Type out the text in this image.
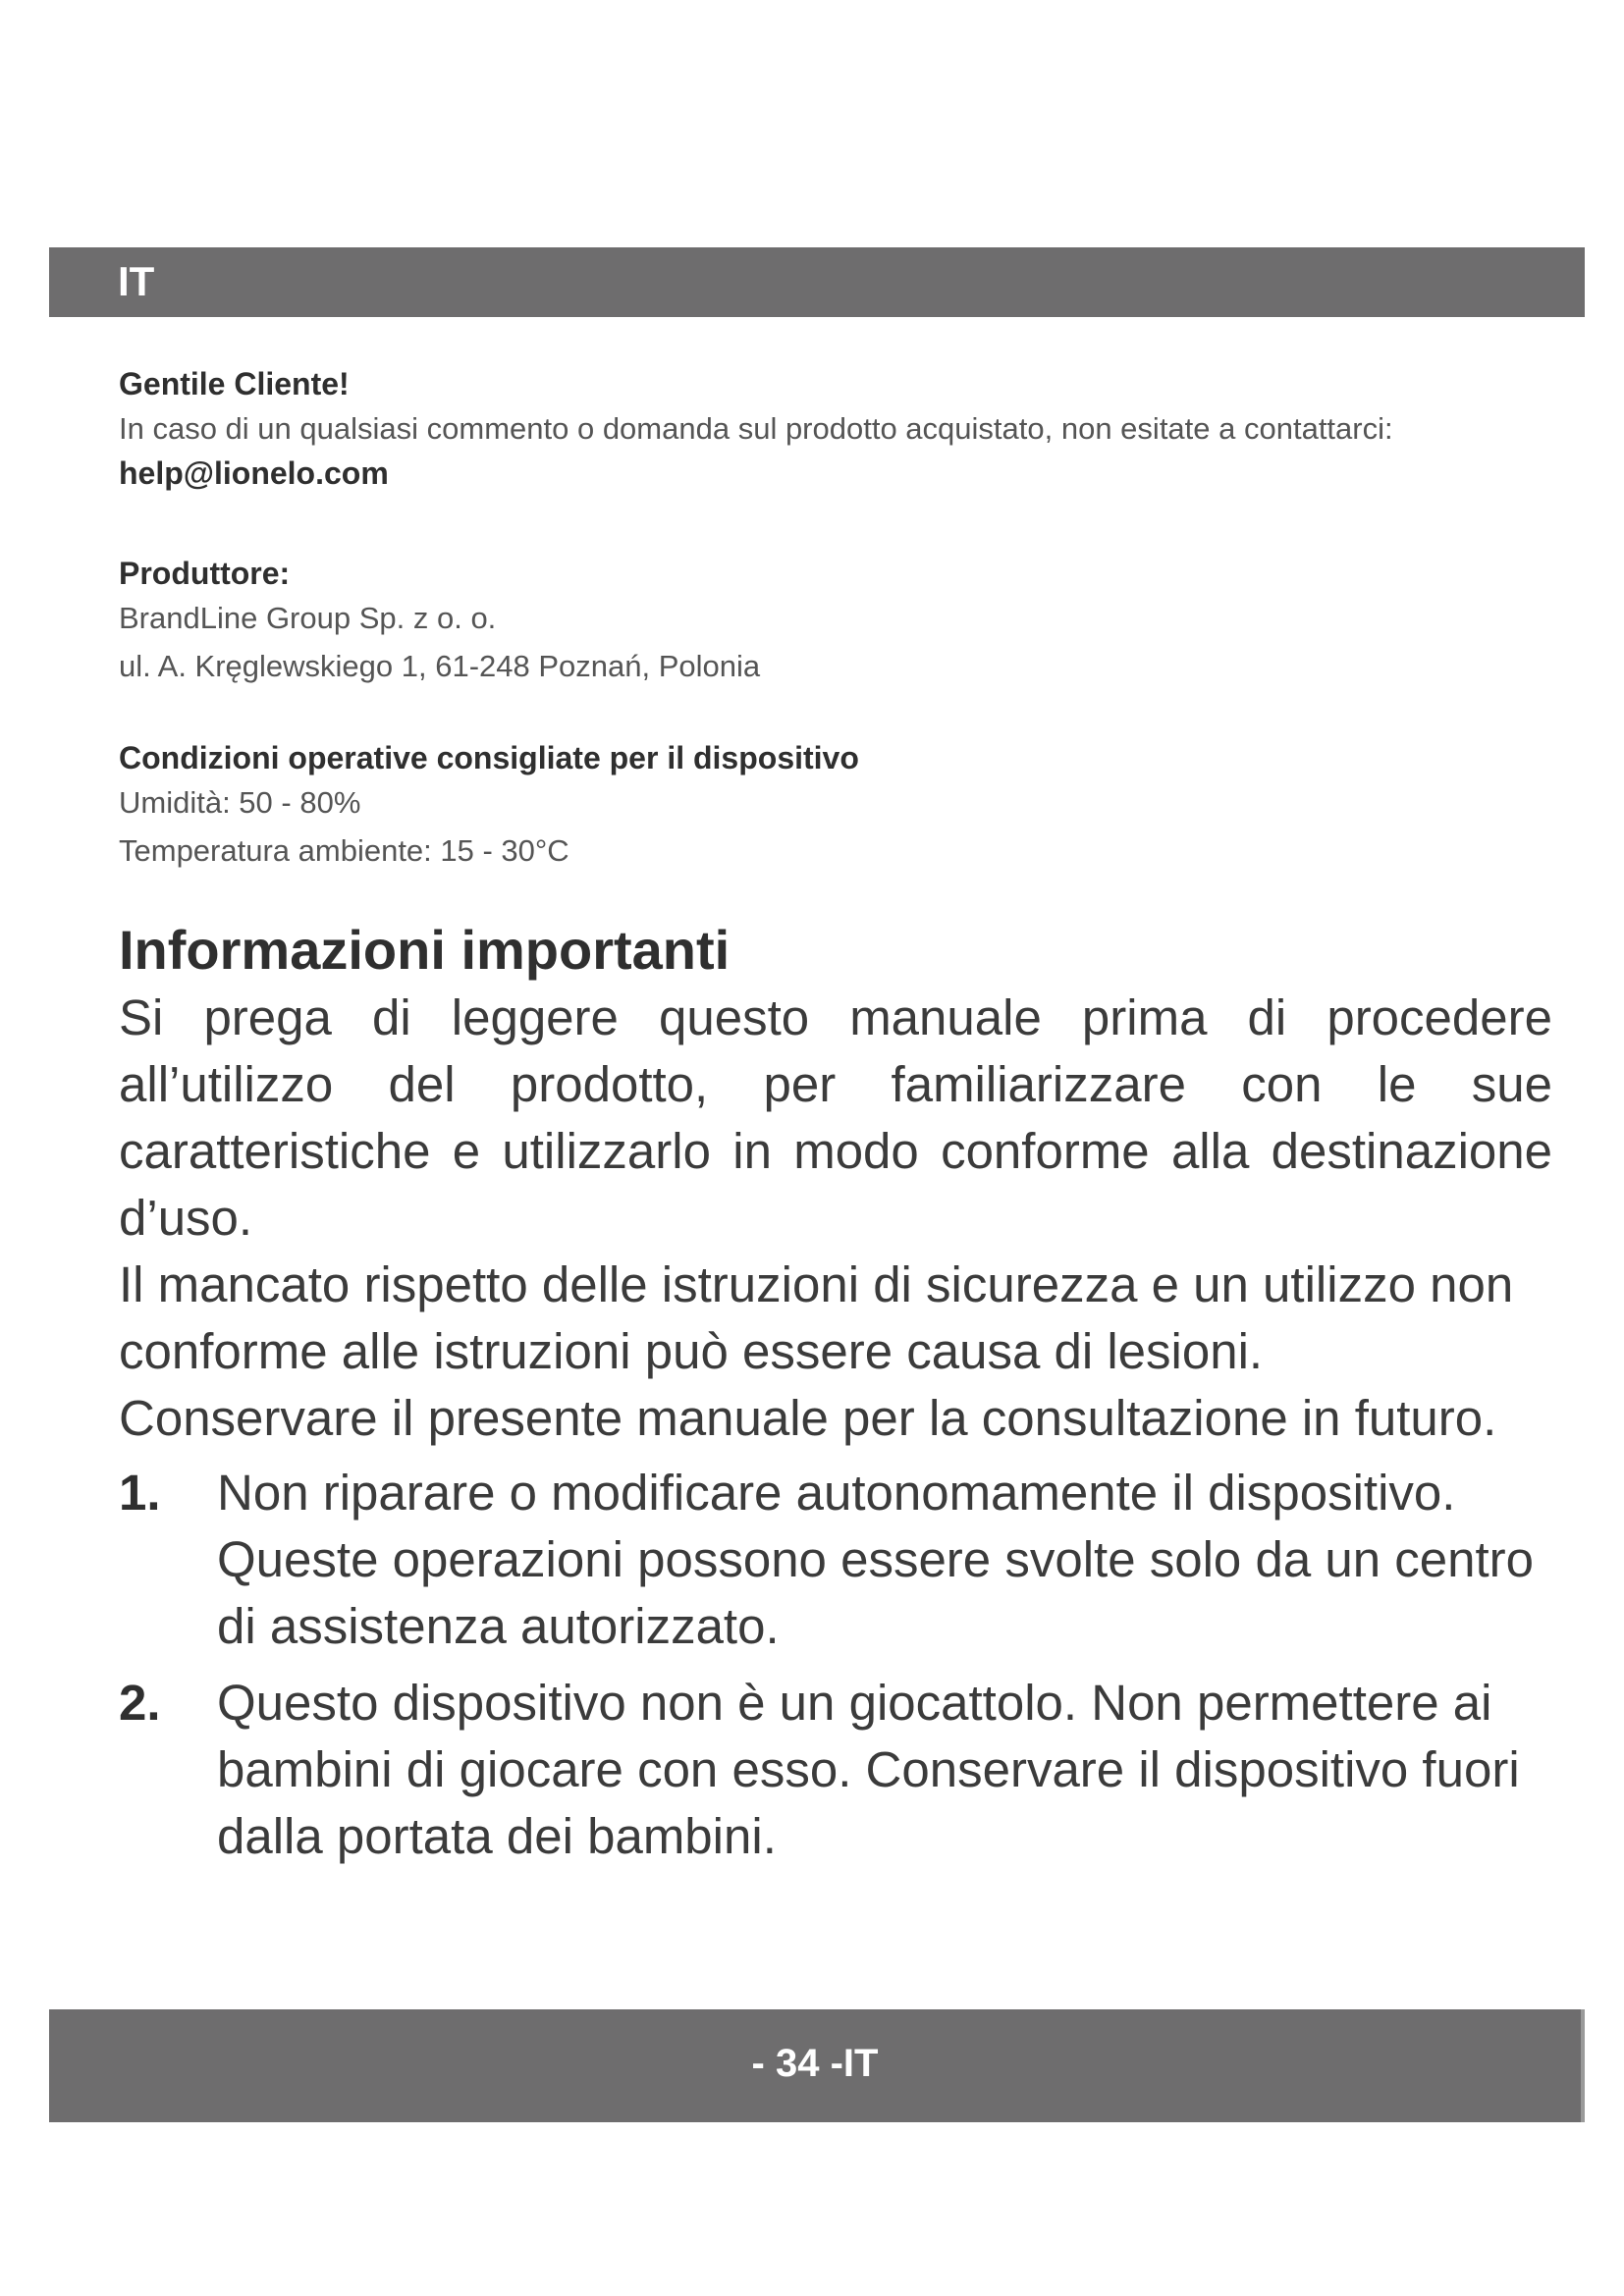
IT

Gentile Cliente!

In caso di un qualsiasi commento o domanda sul prodotto acquistato, non esitate a contattarci:

help@lionelo.com

Produttore:

BrandLine Group Sp. z o. o.

ul. A. Kręglewskiego 1, 61-248 Poznań, Polonia

Condizioni operative consigliate per il dispositivo

Umidità: 50 - 80%

Temperatura ambiente: 15 - 30°C

Informazioni importanti

Si prega di leggere questo manuale prima di procedere all’utilizzo del prodotto, per familiarizzare con le sue caratteristiche e utilizzarlo in modo conforme alla destinazione d’uso.

Il mancato rispetto delle istruzioni di sicurezza e un utilizzo non conforme alle istruzioni può essere causa di lesioni.

Conservare il presente manuale per la consultazione in futuro.

1. Non riparare o modificare autonomamente il dispositivo. Queste operazioni possono essere svolte solo da un centro di assistenza autorizzato.

2. Questo dispositivo non è un giocattolo. Non permettere ai bambini di giocare con esso. Conservare il dispositivo fuori dalla portata dei bambini.

- 34 -IT
